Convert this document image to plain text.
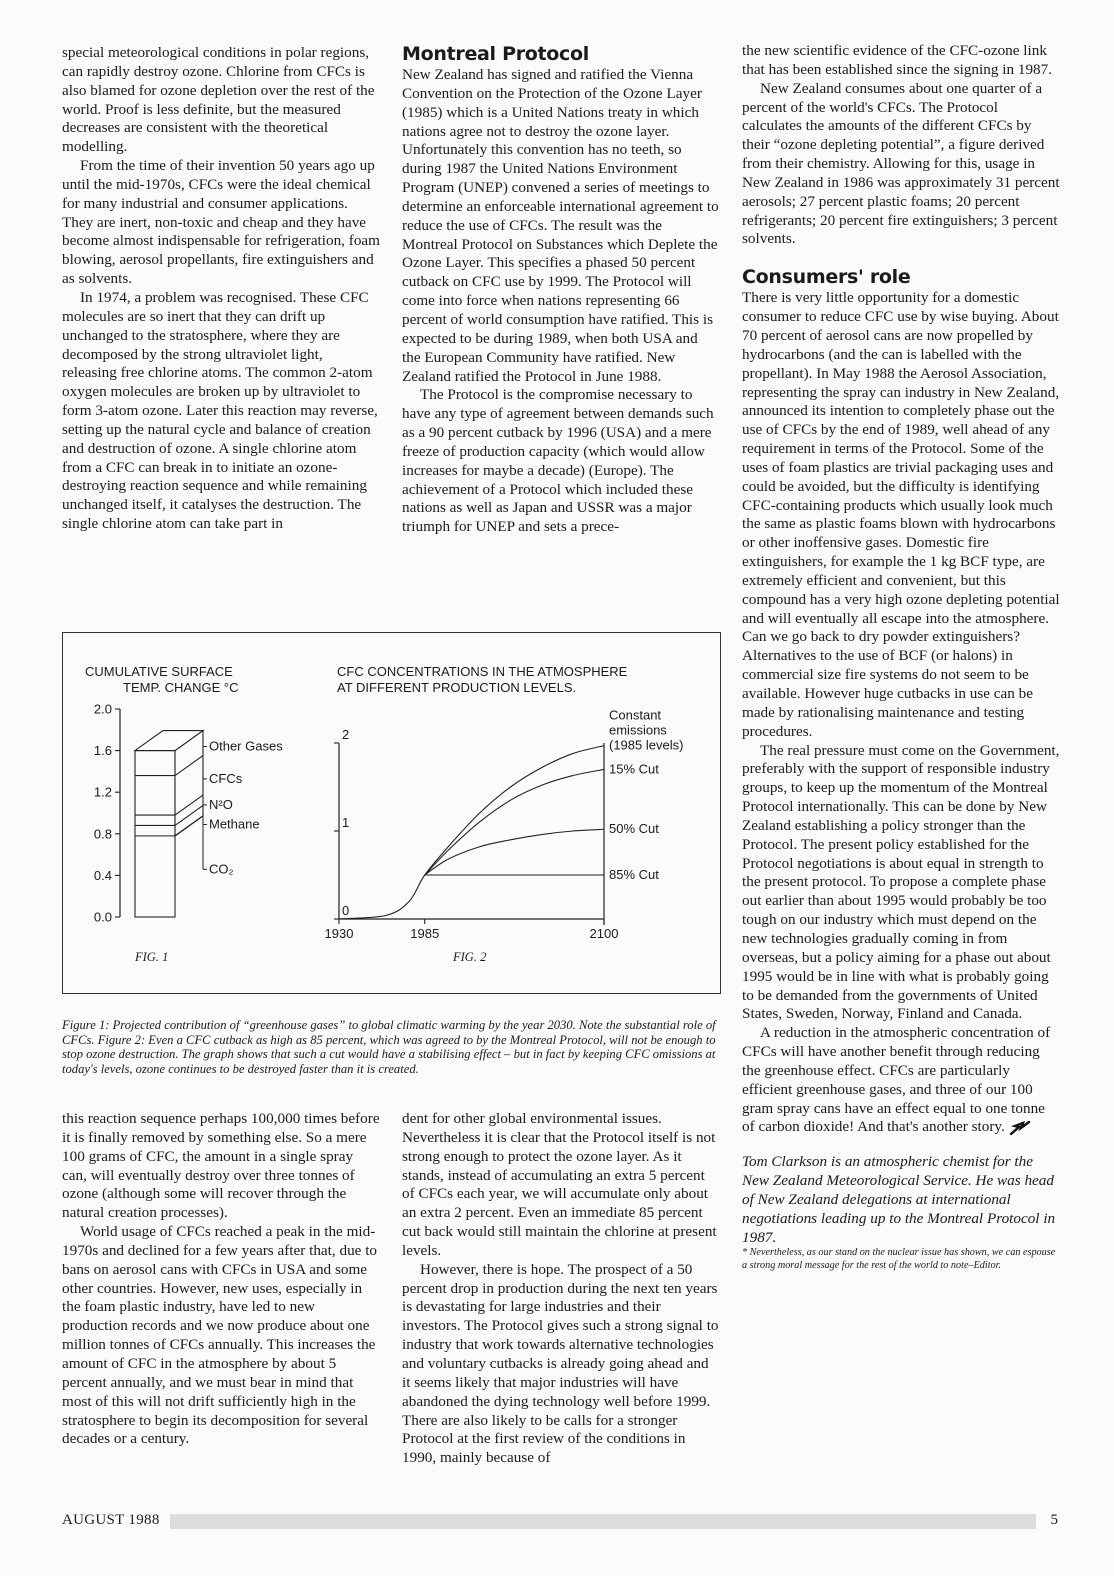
special meteorological conditions in polar regions, can rapidly destroy ozone. Chlorine from CFCs is also blamed for ozone depletion over the rest of the world. Proof is less definite, but the measured decreases are consistent with the theoretical modelling.

From the time of their invention 50 years ago up until the mid-1970s, CFCs were the ideal chemical for many industrial and consumer applications. They are inert, non-toxic and cheap and they have become almost indispensable for refrigeration, foam blowing, aerosol propellants, fire extinguishers and as solvents.

In 1974, a problem was recognised. These CFC molecules are so inert that they can drift up unchanged to the stratosphere, where they are decomposed by the strong ultraviolet light, releasing free chlorine atoms. The common 2-atom oxygen molecules are broken up by ultraviolet to form 3-atom ozone. Later this reaction may reverse, setting up the natural cycle and balance of creation and destruction of ozone. A single chlorine atom from a CFC can break in to initiate an ozone-destroying reaction sequence and while remaining unchanged itself, it catalyses the destruction. The single chlorine atom can take part in

Montreal Protocol

New Zealand has signed and ratified the Vienna Convention on the Protection of the Ozone Layer (1985) which is a United Nations treaty in which nations agree not to destroy the ozone layer. Unfortunately this convention has no teeth, so during 1987 the United Nations Environment Program (UNEP) convened a series of meetings to determine an enforceable international agreement to reduce the use of CFCs. The result was the Montreal Protocol on Substances which Deplete the Ozone Layer. This specifies a phased 50 percent cutback on CFC use by 1999. The Protocol will come into force when nations representing 66 percent of world consumption have ratified. This is expected to be during 1989, when both USA and the European Community have ratified. New Zealand ratified the Protocol in June 1988.

The Protocol is the compromise necessary to have any type of agreement between demands such as a 90 percent cutback by 1996 (USA) and a mere freeze of production capacity (which would allow increases for maybe a decade) (Europe). The achievement of a Protocol which included these nations as well as Japan and USSR was a major triumph for UNEP and sets a prece-

the new scientific evidence of the CFC-ozone link that has been established since the signing in 1987.

New Zealand consumes about one quarter of a percent of the world's CFCs. The Protocol calculates the amounts of the different CFCs by their “ozone depleting potential”, a figure derived from their chemistry. Allowing for this, usage in New Zealand in 1986 was approximately 31 percent aerosols; 27 percent plastic foams; 20 percent refrigerants; 20 percent fire extinguishers; 3 percent solvents.

Consumers' role

There is very little opportunity for a domestic consumer to reduce CFC use by wise buying. About 70 percent of aerosol cans are now propelled by hydrocarbons (and the can is labelled with the propellant). In May 1988 the Aerosol Association, representing the spray can industry in New Zealand, announced its intention to completely phase out the use of CFCs by the end of 1989, well ahead of any requirement in terms of the Protocol. Some of the uses of foam plastics are trivial packaging uses and could be avoided, but the difficulty is identifying CFC-containing products which usually look much the same as plastic foams blown with hydrocarbons or other inoffensive gases. Domestic fire extinguishers, for example the 1 kg BCF type, are extremely efficient and convenient, but this compound has a very high ozone depleting potential and will eventually all escape into the atmosphere. Can we go back to dry powder extinguishers? Alternatives to the use of BCF (or halons) in commercial size fire systems do not seem to be available. However huge cutbacks in use can be made by rationalising maintenance and testing procedures.

The real pressure must come on the Government, preferably with the support of responsible industry groups, to keep up the momentum of the Montreal Protocol internationally. This can be done by New Zealand establishing a policy stronger than the Protocol. The present policy established for the Protocol negotiations is about equal in strength to the present protocol. To propose a complete phase out earlier than about 1995 would probably be too tough on our industry which must depend on the new technologies gradually coming in from overseas, but a policy aiming for a phase out about 1995 would be in line with what is probably going to be demanded from the governments of United States, Sweden, Norway, Finland and Canada.

A reduction in the atmospheric concentration of CFCs will have another benefit through reducing the greenhouse effect. CFCs are particularly efficient greenhouse gases, and three of our 100 gram spray cans have an effect equal to one tonne of carbon dioxide! And that's another story.

Tom Clarkson is an atmospheric chemist for the New Zealand Meteorological Service. He was head of New Zealand delegations at international negotiations leading up to the Montreal Protocol in 1987.

* Nevertheless, as our stand on the nuclear issue has shown, we can espouse a strong moral message for the rest of the world to note–Editor.

CUMULATIVE SURFACE
TEMP. CHANGE °C
2.0
1.6
1.2
0.8
0.4
0.0
CO₂
Methane
N²O
CFCs
Other Gases
FIG. 1
CFC CONCENTRATIONS IN THE ATMOSPHERE
AT DIFFERENT PRODUCTION LEVELS.
1930	1985	2100
2
1
0
Constant
emissions
(1985 levels)
15% Cut
50% Cut
85% Cut
FIG. 2
Figure 1: Projected contribution of “greenhouse gases” to global climatic warming by the year 2030. Note the substantial role of CFCs. Figure 2: Even a CFC cutback as high as 85 percent, which was agreed to by the Montreal Protocol, will not be enough to stop ozone destruction. The graph shows that such a cut would have a stabilising effect – but in fact by keeping CFC omissions at today's levels, ozone continues to be destroyed faster than it is created.

this reaction sequence perhaps 100,000 times before it is finally removed by something else. So a mere 100 grams of CFC, the amount in a single spray can, will eventually destroy over three tonnes of ozone (although some will recover through the natural creation processes).

World usage of CFCs reached a peak in the mid-1970s and declined for a few years after that, due to bans on aerosol cans with CFCs in USA and some other countries. However, new uses, especially in the foam plastic industry, have led to new production records and we now produce about one million tonnes of CFCs annually. This increases the amount of CFC in the atmosphere by about 5 percent annually, and we must bear in mind that most of this will not drift sufficiently high in the stratosphere to begin its decomposition for several decades or a century.

dent for other global environmental issues. Nevertheless it is clear that the Protocol itself is not strong enough to protect the ozone layer. As it stands, instead of accumulating an extra 5 percent of CFCs each year, we will accumulate only about an extra 2 percent. Even an immediate 85 percent cut back would still maintain the chlorine at present levels.

However, there is hope. The prospect of a 50 percent drop in production during the next ten years is devastating for large industries and their investors. The Protocol gives such a strong signal to industry that work towards alternative technologies and voluntary cutbacks is already going ahead and it seems likely that major industries will have abandoned the dying technology well before 1999. There are also likely to be calls for a stronger Protocol at the first review of the conditions in 1990, mainly because of

AUGUST 1988	5
